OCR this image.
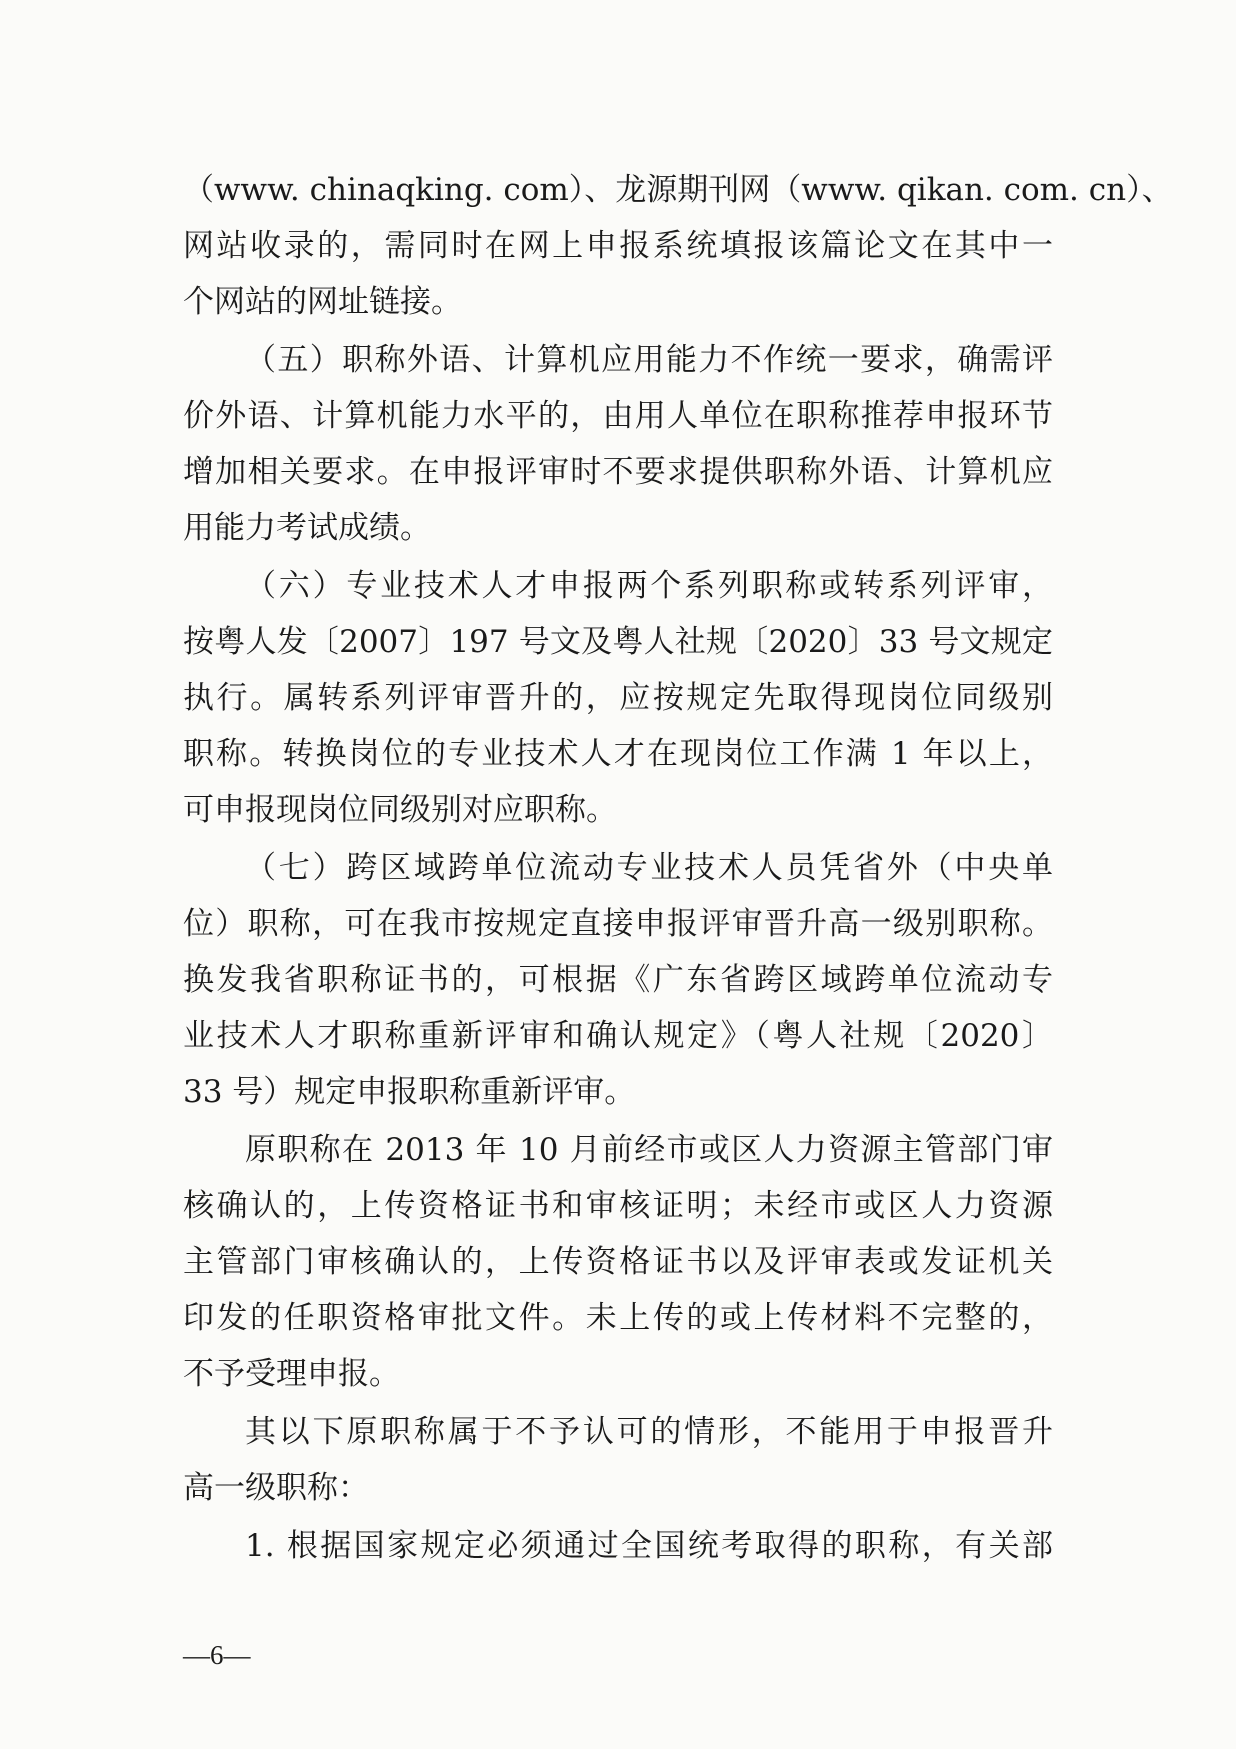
（www. chinaqking. com）、龙源期刊网（www. qikan. com. cn）、
网站收录的，需同时在网上申报系统填报该篇论文在其中一
个网站的网址链接。
（五）职称外语、计算机应用能力不作统一要求，确需评
价外语、计算机能力水平的，由用人单位在职称推荐申报环节
增加相关要求。在申报评审时不要求提供职称外语、计算机应
用能力考试成绩。
（六）专业技术人才申报两个系列职称或转系列评审，
按粤人发〔2007〕197 号文及粤人社规〔2020〕33 号文规定
执行。属转系列评审晋升的，应按规定先取得现岗位同级别
职称。转换岗位的专业技术人才在现岗位工作满 1 年以上，
可申报现岗位同级别对应职称。
（七）跨区域跨单位流动专业技术人员凭省外（中央单
位）职称，可在我市按规定直接申报评审晋升高一级别职称。
换发我省职称证书的，可根据《广东省跨区域跨单位流动专
业技术人才职称重新评审和确认规定》（粤人社规〔2020〕
33 号）规定申报职称重新评审。
原职称在 2013 年 10 月前经市或区人力资源主管部门审
核确认的，上传资格证书和审核证明；未经市或区人力资源
主管部门审核确认的，上传资格证书以及评审表或发证机关
印发的任职资格审批文件。未上传的或上传材料不完整的，
不予受理申报。
其以下原职称属于不予认可的情形，不能用于申报晋升
高一级职称：
1. 根据国家规定必须通过全国统考取得的职称，有关部
—6—
